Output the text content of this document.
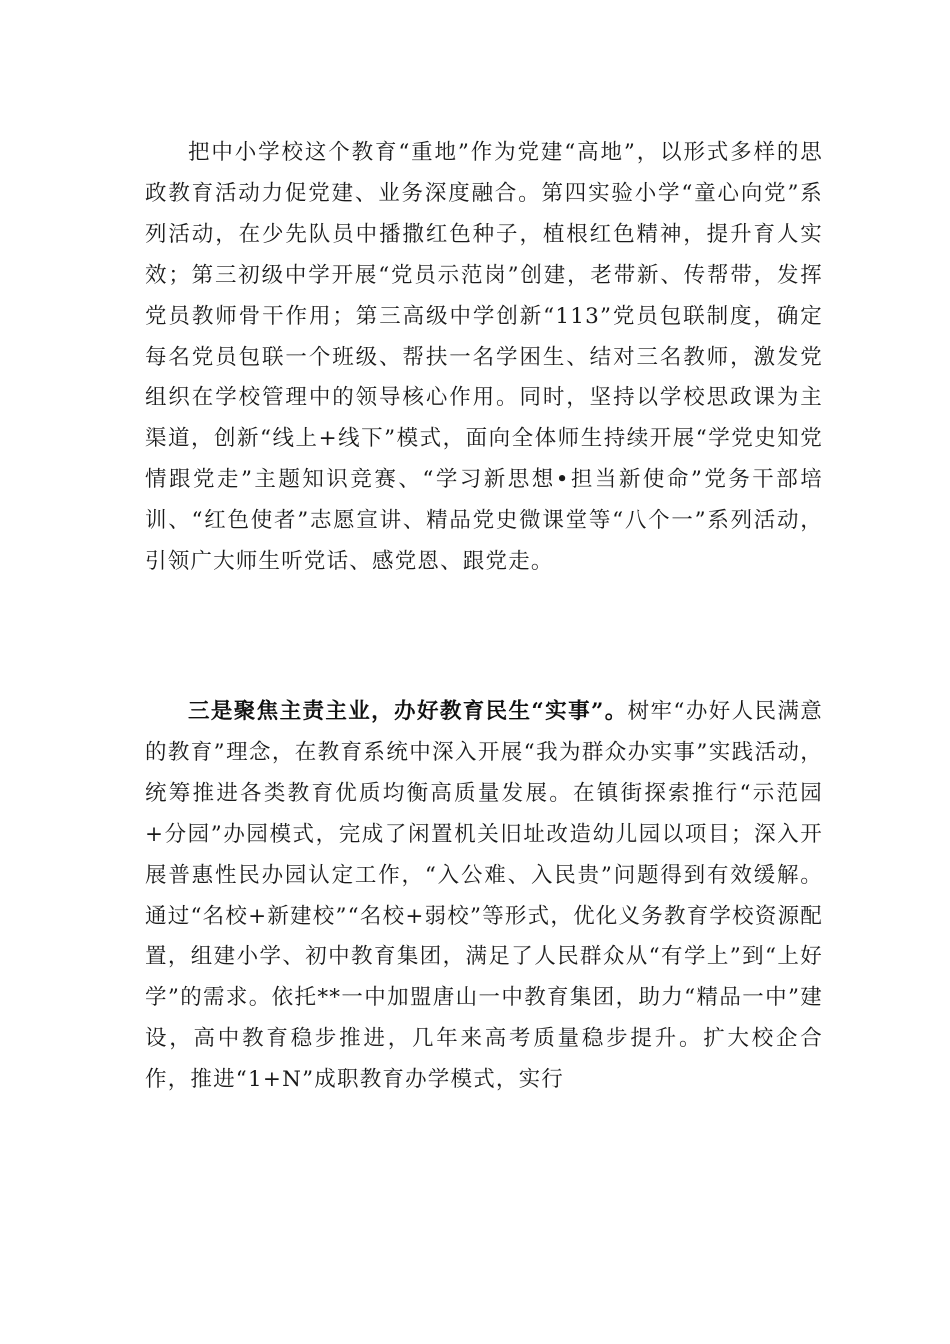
把中小学校这个教育“重地”作为党建“高地”，以形式多样的思政教育活动力促党建、业务深度融合。第四实验小学“童心向党”系列活动，在少先队员中播撒红色种子，植根红色精神，提升育人实效；第三初级中学开展“党员示范岗”创建，老带新、传帮带，发挥党员教师骨干作用；第三高级中学创新“113”党员包联制度，确定每名党员包联一个班级、帮扶一名学困生、结对三名教师，激发党组织在学校管理中的领导核心作用。同时，坚持以学校思政课为主渠道，创新“线上+线下”模式，面向全体师生持续开展“学党史知党情跟党走”主题知识竞赛、“学习新思想•担当新使命”党务干部培训、“红色使者”志愿宣讲、精品党史微课堂等“八个一”系列活动，引领广大师生听党话、感党恩、跟党走。

三是聚焦主责主业，办好教育民生“实事”。树牢“办好人民满意的教育”理念，在教育系统中深入开展“我为群众办实事”实践活动，统筹推进各类教育优质均衡高质量发展。在镇街探索推行“示范园+分园”办园模式，完成了闲置机关旧址改造幼儿园以项目；深入开展普惠性民办园认定工作，“入公难、入民贵”问题得到有效缓解。通过“名校+新建校”“名校+弱校”等形式，优化义务教育学校资源配置，组建小学、初中教育集团，满足了人民群众从“有学上”到“上好学”的需求。依托**一中加盟唐山一中教育集团，助力“精品一中”建设，高中教育稳步推进，几年来高考质量稳步提升。扩大校企合作，推进“1+N”成职教育办学模式，实行
